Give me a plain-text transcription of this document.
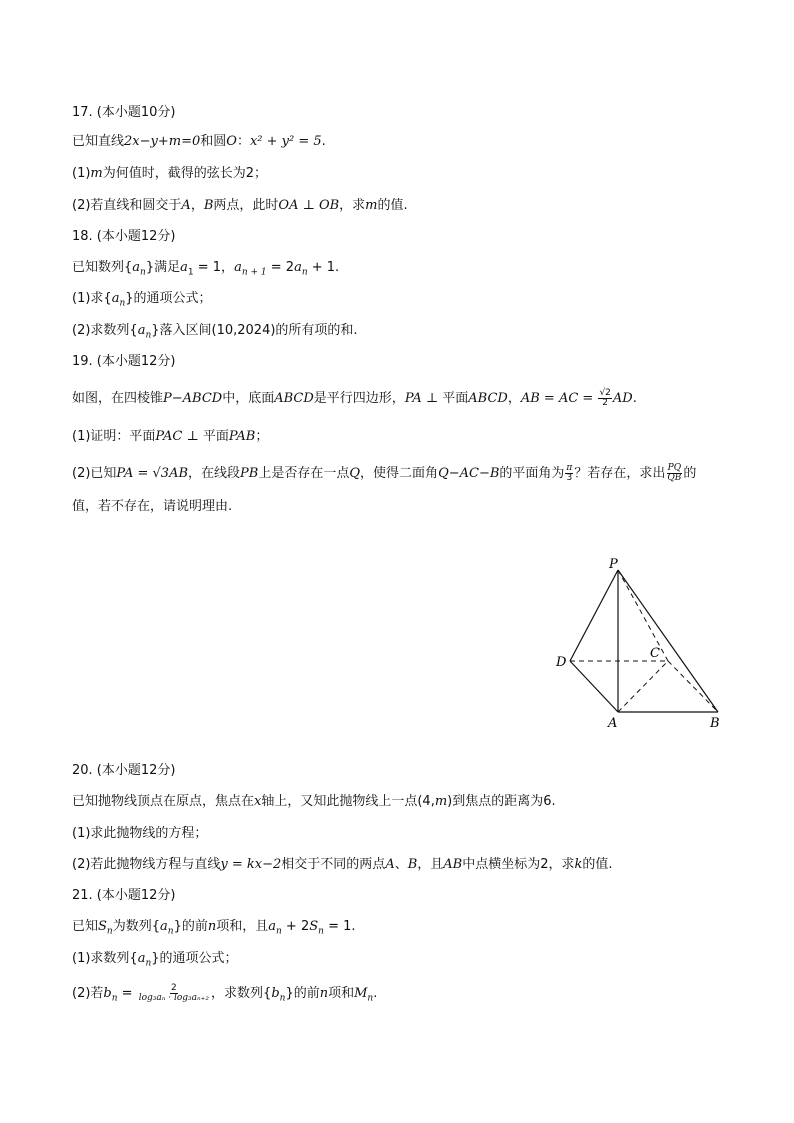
17. (本小题10分)
已知直线2x−y+m=0和圆O：x² + y² = 5.
(1)m为何值时，截得的弦长为2；
(2)若直线和圆交于A，B两点，此时OA ⊥ OB，求m的值.
18. (本小题12分)
已知数列$\{a_n\}$满足$a_1 = 1$，$a_{n + 1} = 2a_n + 1$.
(1)求$\{a_n\}$的通项公式；
(2)求数列$\{a_n\}$落入区间(10,2024)的所有项的和.
19. (本小题12分)
如图，在四棱锥P−ABCD中，底面ABCD是平行四边形，PA ⊥ 平面ABCD，AB = AC = $\frac{√2}{2}$ AD.
(1)证明：平面PAC ⊥ 平面PAB；
(2)已知PA = √3AB，在线段PB上是否存在一点Q，使得二面角Q−AC−B的平面角为 $\frac{\pi}{3}$ ？若存在，求出 $\frac{PQ}{QB}$ 的
值，若不存在，请说明理由.
P
D
C
A	B
20. (本小题12分)
已知抛物线顶点在原点，焦点在x轴上，又知此抛物线上一点(4,m)到焦点的距离为6.
(1)求此抛物线的方程；
(2)若此抛物线方程与直线y = kx−2相交于不同的两点A、B，且AB中点横坐标为2，求k的值.
21. (本小题12分)
已知$S_n$为数列$\{a_n\}$的前n项和，且$a_n + 2S_n = 1$.
(1)求数列$\{a_n\}$的通项公式；
(2)若$b_n = \frac{2}{\text{log₃aₙ · log₃aₙ₊₂}}$ ，求数列$\{b_n\}$的前n项和$M_n$.
